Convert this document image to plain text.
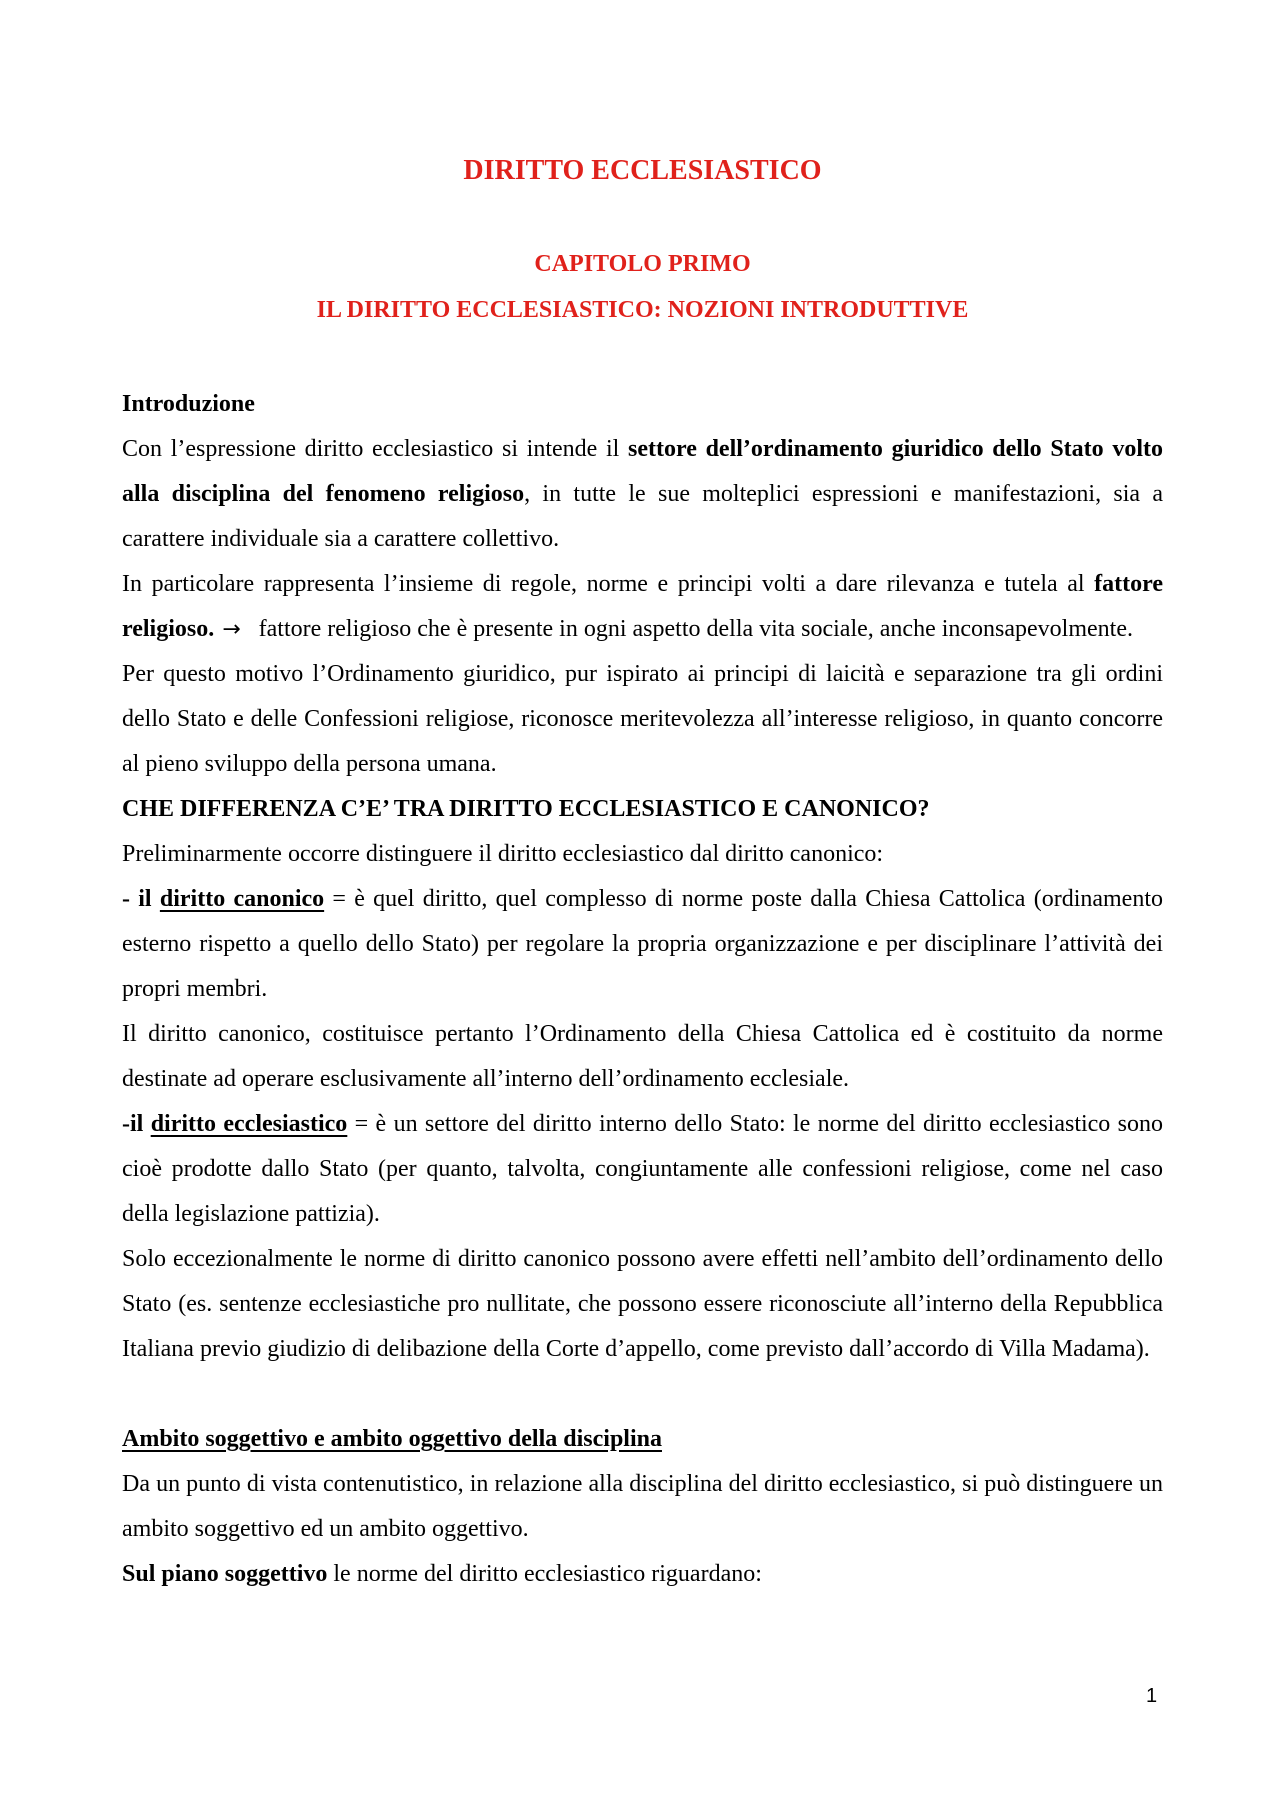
DIRITTO ECCLESIASTICO
CAPITOLO PRIMO
IL DIRITTO ECCLESIASTICO: NOZIONI INTRODUTTIVE

Introduzione

Con l’espressione diritto ecclesiastico si intende il settore dell’ordinamento giuridico dello Stato volto alla disciplina del fenomeno religioso, in tutte le sue molteplici espressioni e manifestazioni, sia a carattere individuale sia a carattere collettivo.

In particolare rappresenta l’insieme di regole, norme e principi volti a dare rilevanza e tutela al fattore religioso. → fattore religioso che è presente in ogni aspetto della vita sociale, anche inconsapevolmente.

Per questo motivo l’Ordinamento giuridico, pur ispirato ai principi di laicità e separazione tra gli ordini dello Stato e delle Confessioni religiose, riconosce meritevolezza all’interesse religioso, in quanto concorre al pieno sviluppo della persona umana.

CHE DIFFERENZA C’E’ TRA DIRITTO ECCLESIASTICO E CANONICO?

Preliminarmente occorre distinguere il diritto ecclesiastico dal diritto canonico:

- il diritto canonico = è quel diritto, quel complesso di norme poste dalla Chiesa Cattolica (ordinamento esterno rispetto a quello dello Stato) per regolare la propria organizzazione e per disciplinare l’attività dei propri membri.

Il diritto canonico, costituisce pertanto l’Ordinamento della Chiesa Cattolica ed è costituito da norme destinate ad operare esclusivamente all’interno dell’ordinamento ecclesiale.

-il diritto ecclesiastico = è un settore del diritto interno dello Stato: le norme del diritto ecclesiastico sono cioè prodotte dallo Stato (per quanto, talvolta, congiuntamente alle confessioni religiose, come nel caso della legislazione pattizia).

Solo eccezionalmente le norme di diritto canonico possono avere effetti nell’ambito dell’ordinamento dello Stato (es. sentenze ecclesiastiche pro nullitate, che possono essere riconosciute all’interno della Repubblica Italiana previo giudizio di delibazione della Corte d’appello, come previsto dall’accordo di Villa Madama).

Ambito soggettivo e ambito oggettivo della disciplina

Da un punto di vista contenutistico, in relazione alla disciplina del diritto ecclesiastico, si può distinguere un ambito soggettivo ed un ambito oggettivo.

Sul piano soggettivo le norme del diritto ecclesiastico riguardano:

1
